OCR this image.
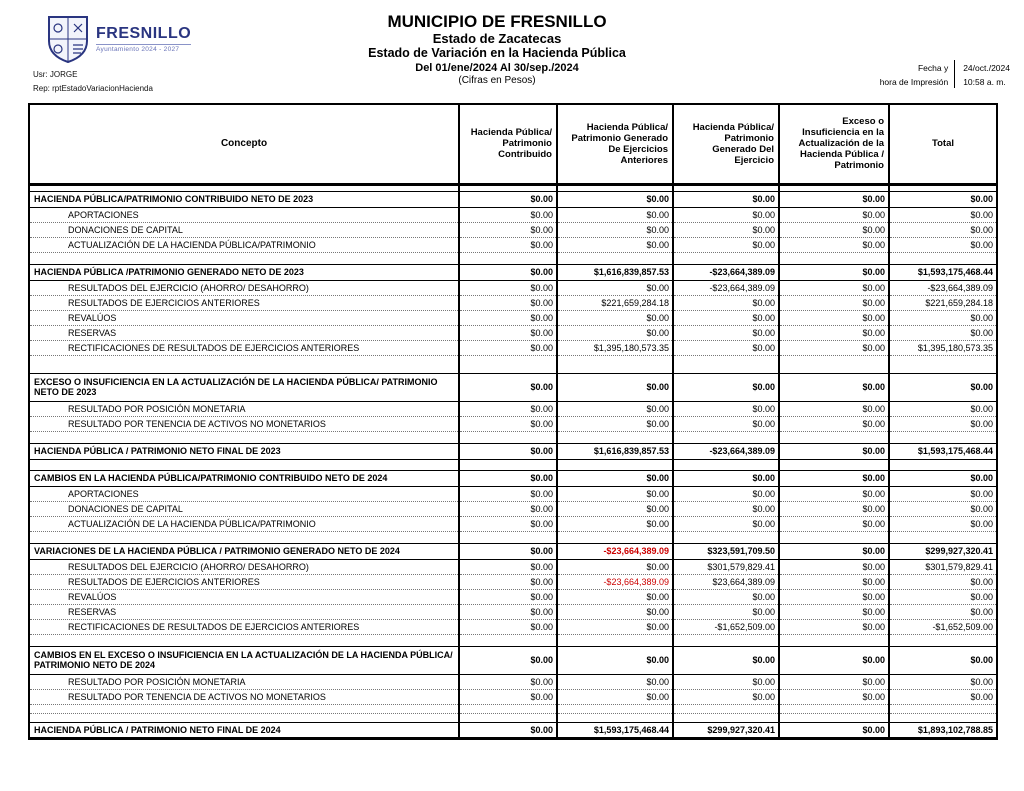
FRESNILLO
Ayuntamiento 2024 - 2027
Usr: JORGE
Rep: rptEstadoVariacionHacienda
MUNICIPIO DE FRESNILLO
Estado de Zacatecas
Estado de Variación en la Hacienda Pública
Del 01/ene/2024 Al 30/sep./2024
(Cifras en Pesos)
Fecha y	24/oct./2024
hora de Impresión	10:58 a. m.
Concepto	Hacienda Pública/ Patrimonio Contribuido	Hacienda Pública/ Patrimonio Generado De Ejercicios Anteriores	Hacienda Pública/ Patrimonio Generado Del Ejercicio	Exceso o Insuficiencia en la Actualización de la Hacienda Pública / Patrimonio	Total

HACIENDA PÚBLICA/PATRIMONIO CONTRIBUIDO NETO DE 2023	$0.00	$0.00	$0.00	$0.00	$0.00
APORTACIONES	$0.00	$0.00	$0.00	$0.00	$0.00
DONACIONES DE CAPITAL	$0.00	$0.00	$0.00	$0.00	$0.00
ACTUALIZACIÓN DE LA HACIENDA PÚBLICA/PATRIMONIO	$0.00	$0.00	$0.00	$0.00	$0.00

HACIENDA PÚBLICA /PATRIMONIO GENERADO NETO DE 2023	$0.00	$1,616,839,857.53	-$23,664,389.09	$0.00	$1,593,175,468.44
RESULTADOS DEL EJERCICIO (AHORRO/ DESAHORRO)	$0.00	$0.00	-$23,664,389.09	$0.00	-$23,664,389.09
RESULTADOS DE EJERCICIOS ANTERIORES	$0.00	$221,659,284.18	$0.00	$0.00	$221,659,284.18
REVALÚOS	$0.00	$0.00	$0.00	$0.00	$0.00
RESERVAS	$0.00	$0.00	$0.00	$0.00	$0.00
RECTIFICACIONES DE RESULTADOS DE EJERCICIOS ANTERIORES	$0.00	$1,395,180,573.35	$0.00	$0.00	$1,395,180,573.35

EXCESO O INSUFICIENCIA EN LA ACTUALIZACIÓN DE LA HACIENDA PÚBLICA/ PATRIMONIO NETO DE 2023	$0.00	$0.00	$0.00	$0.00	$0.00
RESULTADO POR POSICIÓN MONETARIA	$0.00	$0.00	$0.00	$0.00	$0.00
RESULTADO POR TENENCIA DE ACTIVOS NO MONETARIOS	$0.00	$0.00	$0.00	$0.00	$0.00

HACIENDA PÚBLICA / PATRIMONIO NETO FINAL DE 2023	$0.00	$1,616,839,857.53	-$23,664,389.09	$0.00	$1,593,175,468.44

CAMBIOS EN LA HACIENDA PÚBLICA/PATRIMONIO CONTRIBUIDO NETO DE 2024	$0.00	$0.00	$0.00	$0.00	$0.00
APORTACIONES	$0.00	$0.00	$0.00	$0.00	$0.00
DONACIONES DE CAPITAL	$0.00	$0.00	$0.00	$0.00	$0.00
ACTUALIZACIÓN DE LA HACIENDA PÚBLICA/PATRIMONIO	$0.00	$0.00	$0.00	$0.00	$0.00

VARIACIONES DE LA HACIENDA PÚBLICA / PATRIMONIO GENERADO NETO DE 2024	$0.00	-$23,664,389.09	$323,591,709.50	$0.00	$299,927,320.41
RESULTADOS DEL EJERCICIO (AHORRO/ DESAHORRO)	$0.00	$0.00	$301,579,829.41	$0.00	$301,579,829.41
RESULTADOS DE EJERCICIOS ANTERIORES	$0.00	-$23,664,389.09	$23,664,389.09	$0.00	$0.00
REVALÚOS	$0.00	$0.00	$0.00	$0.00	$0.00
RESERVAS	$0.00	$0.00	$0.00	$0.00	$0.00
RECTIFICACIONES DE RESULTADOS DE EJERCICIOS ANTERIORES	$0.00	$0.00	-$1,652,509.00	$0.00	-$1,652,509.00

CAMBIOS EN EL EXCESO O INSUFICIENCIA EN LA ACTUALIZACIÓN DE LA HACIENDA PÚBLICA/ PATRIMONIO NETO DE 2024	$0.00	$0.00	$0.00	$0.00	$0.00
RESULTADO POR POSICIÓN MONETARIA	$0.00	$0.00	$0.00	$0.00	$0.00
RESULTADO POR TENENCIA DE ACTIVOS NO MONETARIOS	$0.00	$0.00	$0.00	$0.00	$0.00

HACIENDA PÚBLICA / PATRIMONIO NETO FINAL DE 2024	$0.00	$1,593,175,468.44	$299,927,320.41	$0.00	$1,893,102,788.85
